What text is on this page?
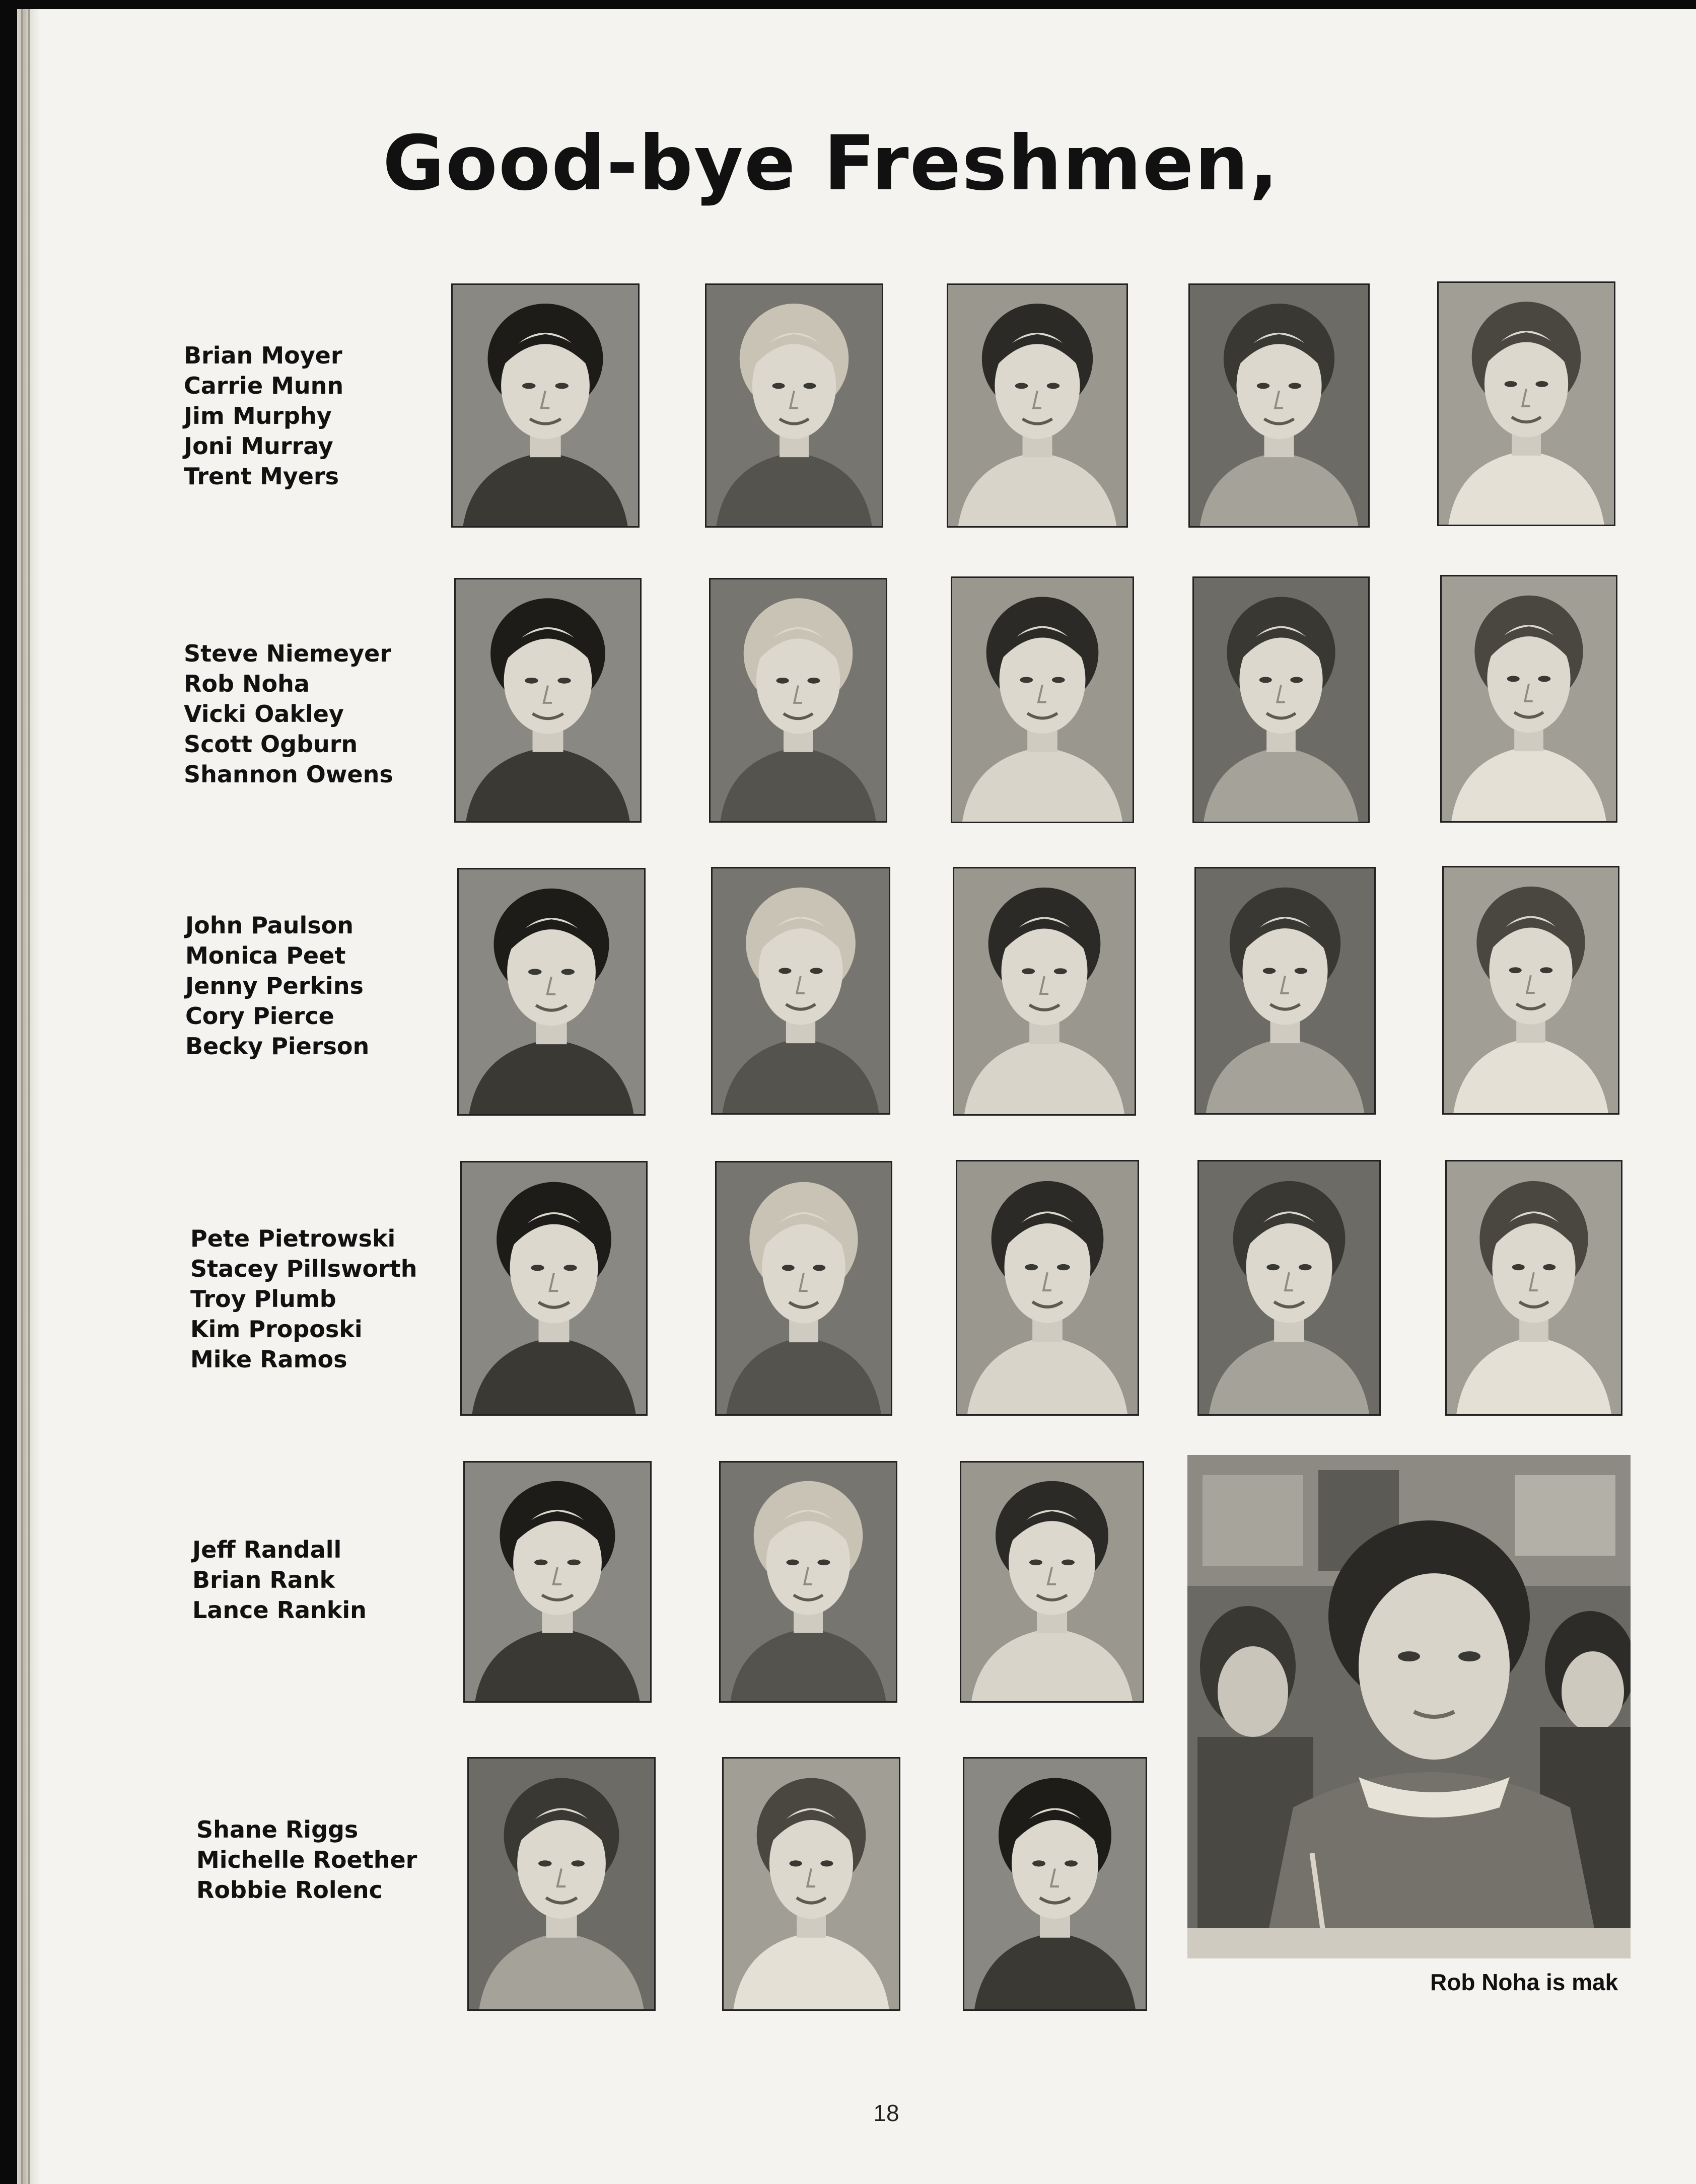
Good-bye Freshmen,
Brian Moyer
Carrie Munn
Jim Murphy
Joni Murray
Trent Myers
Steve Niemeyer
Rob Noha
Vicki Oakley
Scott Ogburn
Shannon Owens
John Paulson
Monica Peet
Jenny Perkins
Cory Pierce
Becky Pierson
Pete Pietrowski
Stacey Pillsworth
Troy Plumb
Kim Proposki
Mike Ramos
Jeff Randall
Brian Rank
Lance Rankin
Shane Riggs
Michelle Roether
Robbie Rolenc
Rob Noha is mak
18
